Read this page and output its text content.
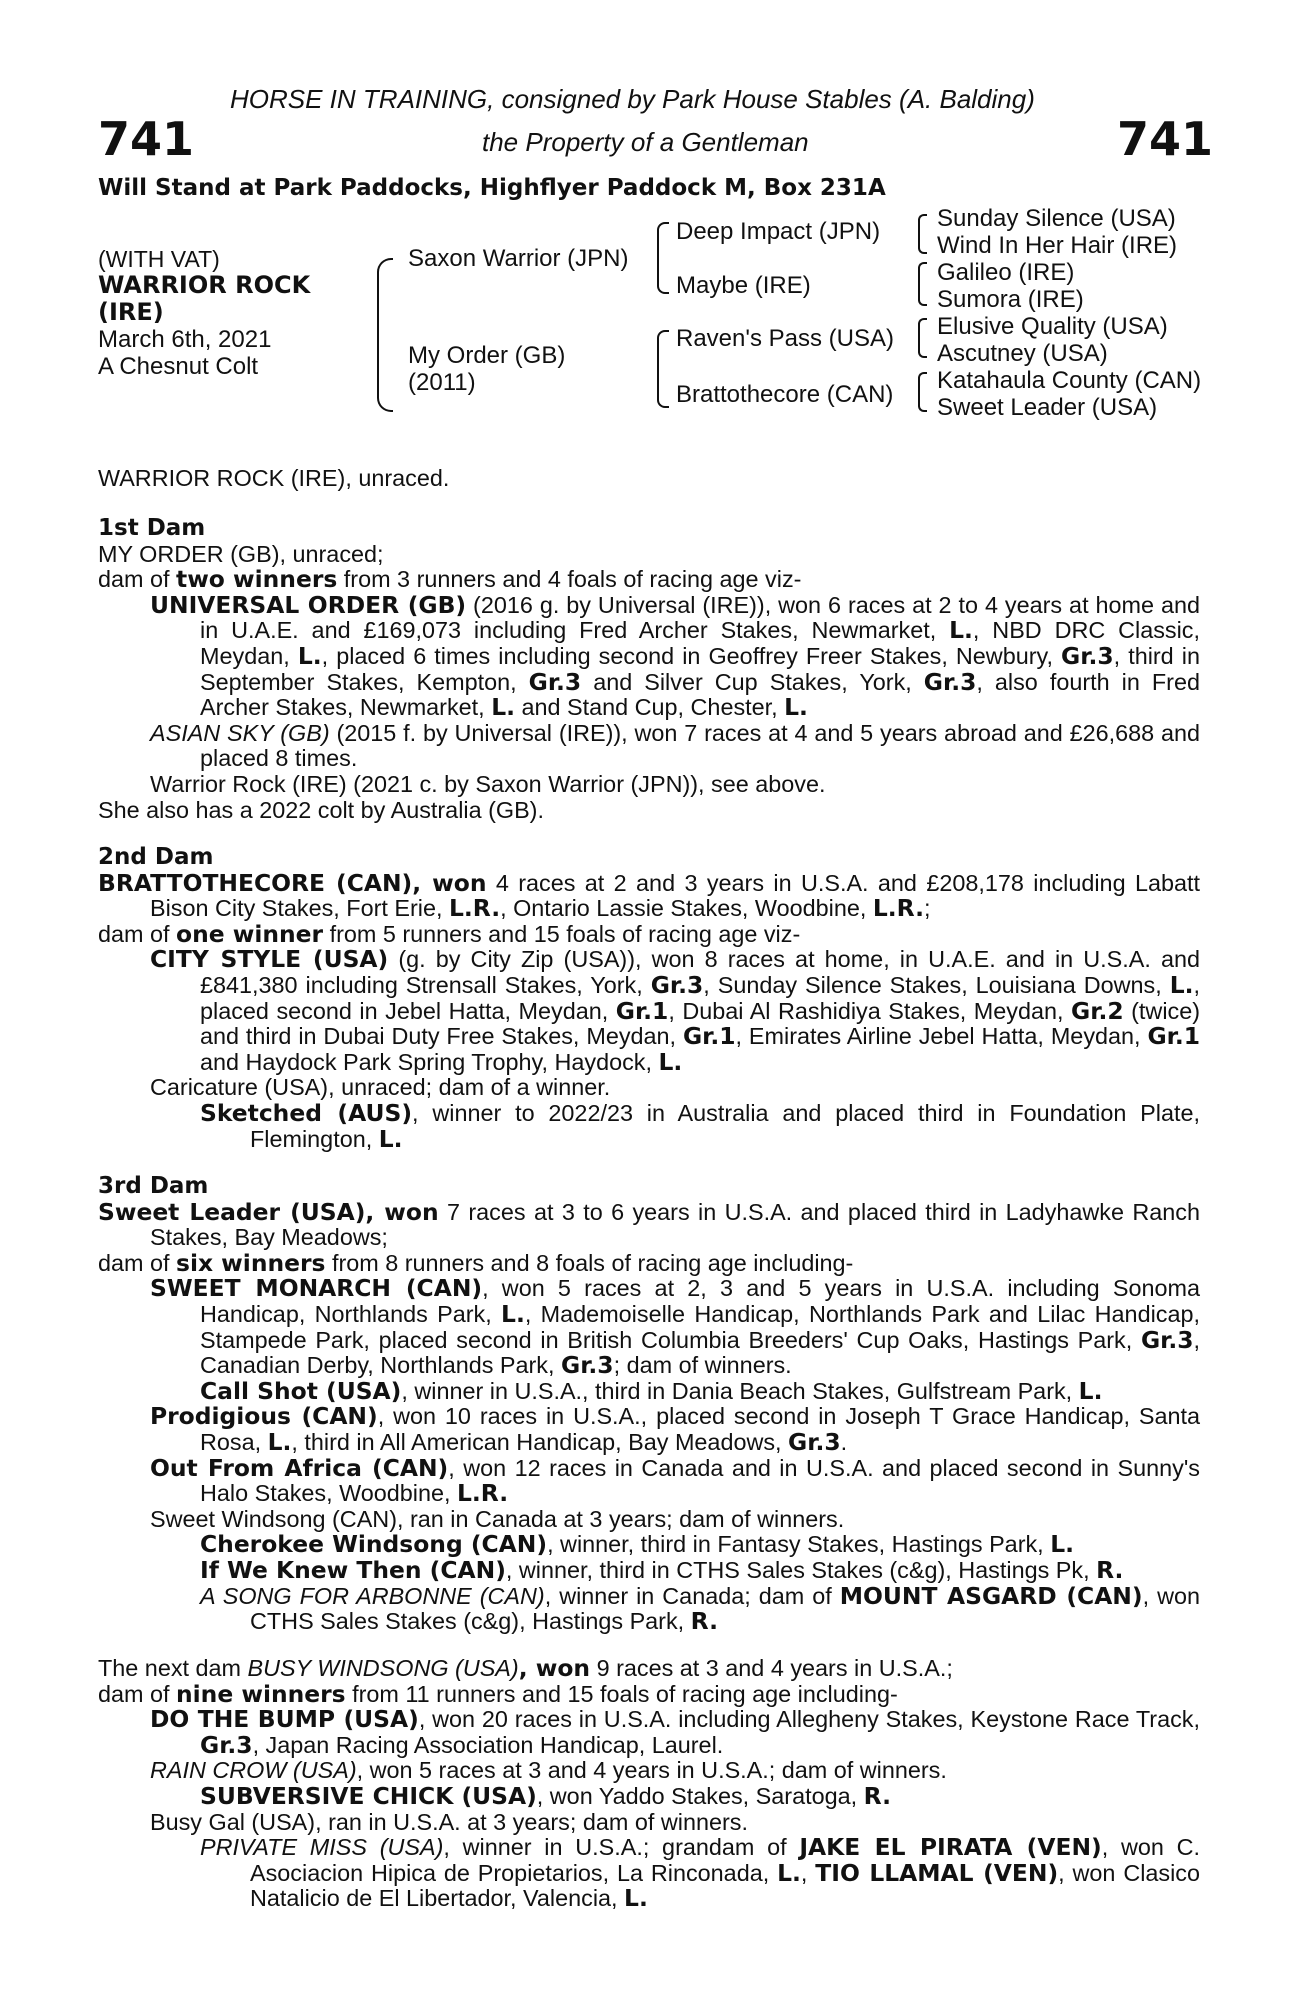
HORSE IN TRAINING, consigned by Park House Stables (A. Balding)
741	the Property of a Gentleman	741
Will Stand at Park Paddocks, Highflyer Paddock M, Box 231A
(WITH VAT)
WARRIOR ROCK
(IRE)
March 6th, 2021
A Chesnut Colt
Saxon Warrior (JPN)
My Order (GB)
(2011)
Deep Impact (JPN)
Maybe (IRE)
Raven's Pass (USA)
Brattothecore (CAN)
Sunday Silence (USA)
Wind In Her Hair (IRE)
Galileo (IRE)
Sumora (IRE)
Elusive Quality (USA)
Ascutney (USA)
Katahaula County (CAN)
Sweet Leader (USA)

WARRIOR ROCK (IRE), unraced.

1st Dam

MY ORDER (GB), unraced;

dam of two winners from 3 runners and 4 foals of racing age viz-

UNIVERSAL ORDER (GB) (2016 g. by Universal (IRE)), won 6 races at 2 to 4 years at home and in U.A.E. and £169,073 including Fred Archer Stakes, Newmarket, L., NBD DRC Classic, Meydan, L., placed 6 times including second in Geoffrey Freer Stakes, Newbury, Gr.3, third in September Stakes, Kempton, Gr.3 and Silver Cup Stakes, York, Gr.3, also fourth in Fred Archer Stakes, Newmarket, L. and Stand Cup, Chester, L.

ASIAN SKY (GB) (2015 f. by Universal (IRE)), won 7 races at 4 and 5 years abroad and £26,688 and placed 8 times.

Warrior Rock (IRE) (2021 c. by Saxon Warrior (JPN)), see above.

She also has a 2022 colt by Australia (GB).

2nd Dam

BRATTOTHECORE (CAN), won 4 races at 2 and 3 years in U.S.A. and £208,178 including Labatt Bison City Stakes, Fort Erie, L.R., Ontario Lassie Stakes, Woodbine, L.R.;

dam of one winner from 5 runners and 15 foals of racing age viz-

CITY STYLE (USA) (g. by City Zip (USA)), won 8 races at home, in U.A.E. and in U.S.A. and £841,380 including Strensall Stakes, York, Gr.3, Sunday Silence Stakes, Louisiana Downs, L., placed second in Jebel Hatta, Meydan, Gr.1, Dubai Al Rashidiya Stakes, Meydan, Gr.2 (twice) and third in Dubai Duty Free Stakes, Meydan, Gr.1, Emirates Airline Jebel Hatta, Meydan, Gr.1 and Haydock Park Spring Trophy, Haydock, L.

Caricature (USA), unraced; dam of a winner.

Sketched (AUS), winner to 2022/23 in Australia and placed third in Foundation Plate, Flemington, L.

3rd Dam

Sweet Leader (USA), won 7 races at 3 to 6 years in U.S.A. and placed third in Ladyhawke Ranch Stakes, Bay Meadows;

dam of six winners from 8 runners and 8 foals of racing age including-

SWEET MONARCH (CAN), won 5 races at 2, 3 and 5 years in U.S.A. including Sonoma Handicap, Northlands Park, L., Mademoiselle Handicap, Northlands Park and Lilac Handicap, Stampede Park, placed second in British Columbia Breeders' Cup Oaks, Hastings Park, Gr.3, Canadian Derby, Northlands Park, Gr.3; dam of winners.

Call Shot (USA), winner in U.S.A., third in Dania Beach Stakes, Gulfstream Park, L.

Prodigious (CAN), won 10 races in U.S.A., placed second in Joseph T Grace Handicap, Santa Rosa, L., third in All American Handicap, Bay Meadows, Gr.3.

Out From Africa (CAN), won 12 races in Canada and in U.S.A. and placed second in Sunny's Halo Stakes, Woodbine, L.R.

Sweet Windsong (CAN), ran in Canada at 3 years; dam of winners.

Cherokee Windsong (CAN), winner, third in Fantasy Stakes, Hastings Park, L.

If We Knew Then (CAN), winner, third in CTHS Sales Stakes (c&g), Hastings Pk, R.

A SONG FOR ARBONNE (CAN), winner in Canada; dam of MOUNT ASGARD (CAN), won CTHS Sales Stakes (c&g), Hastings Park, R.

The next dam BUSY WINDSONG (USA), won 9 races at 3 and 4 years in U.S.A.;

dam of nine winners from 11 runners and 15 foals of racing age including-

DO THE BUMP (USA), won 20 races in U.S.A. including Allegheny Stakes, Keystone Race Track, Gr.3, Japan Racing Association Handicap, Laurel.

RAIN CROW (USA), won 5 races at 3 and 4 years in U.S.A.; dam of winners.

SUBVERSIVE CHICK (USA), won Yaddo Stakes, Saratoga, R.

Busy Gal (USA), ran in U.S.A. at 3 years; dam of winners.

PRIVATE MISS (USA), winner in U.S.A.; grandam of JAKE EL PIRATA (VEN), won C. Asociacion Hipica de Propietarios, La Rinconada, L., TIO LLAMAL (VEN), won Clasico Natalicio de El Libertador, Valencia, L.
